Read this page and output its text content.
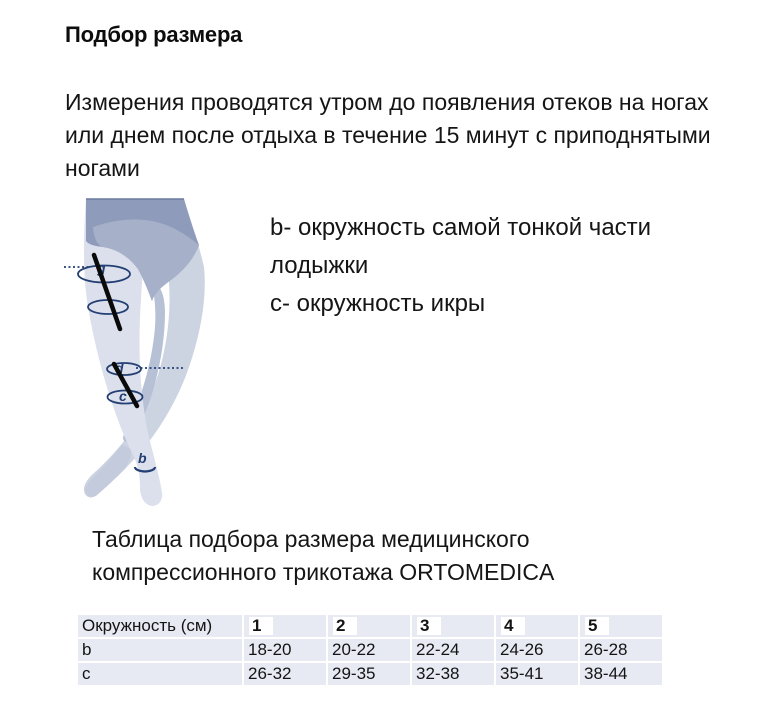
Подбор размера
Измерения проводятся утром до появления отеков на ногах или днем после отдыха в течение 15 минут с приподнятыми ногами
g
d
c
b
b- окружность самой тонкой части лодыжки
c- окружность икры
Таблица подбора размера медицинского компрессионного трикотажа ORTOMEDICA
Окружность (см)	1	2	3	4	5
b	18-20	20-22	22-24	24-26	26-28
c	26-32	29-35	32-38	35-41	38-44
